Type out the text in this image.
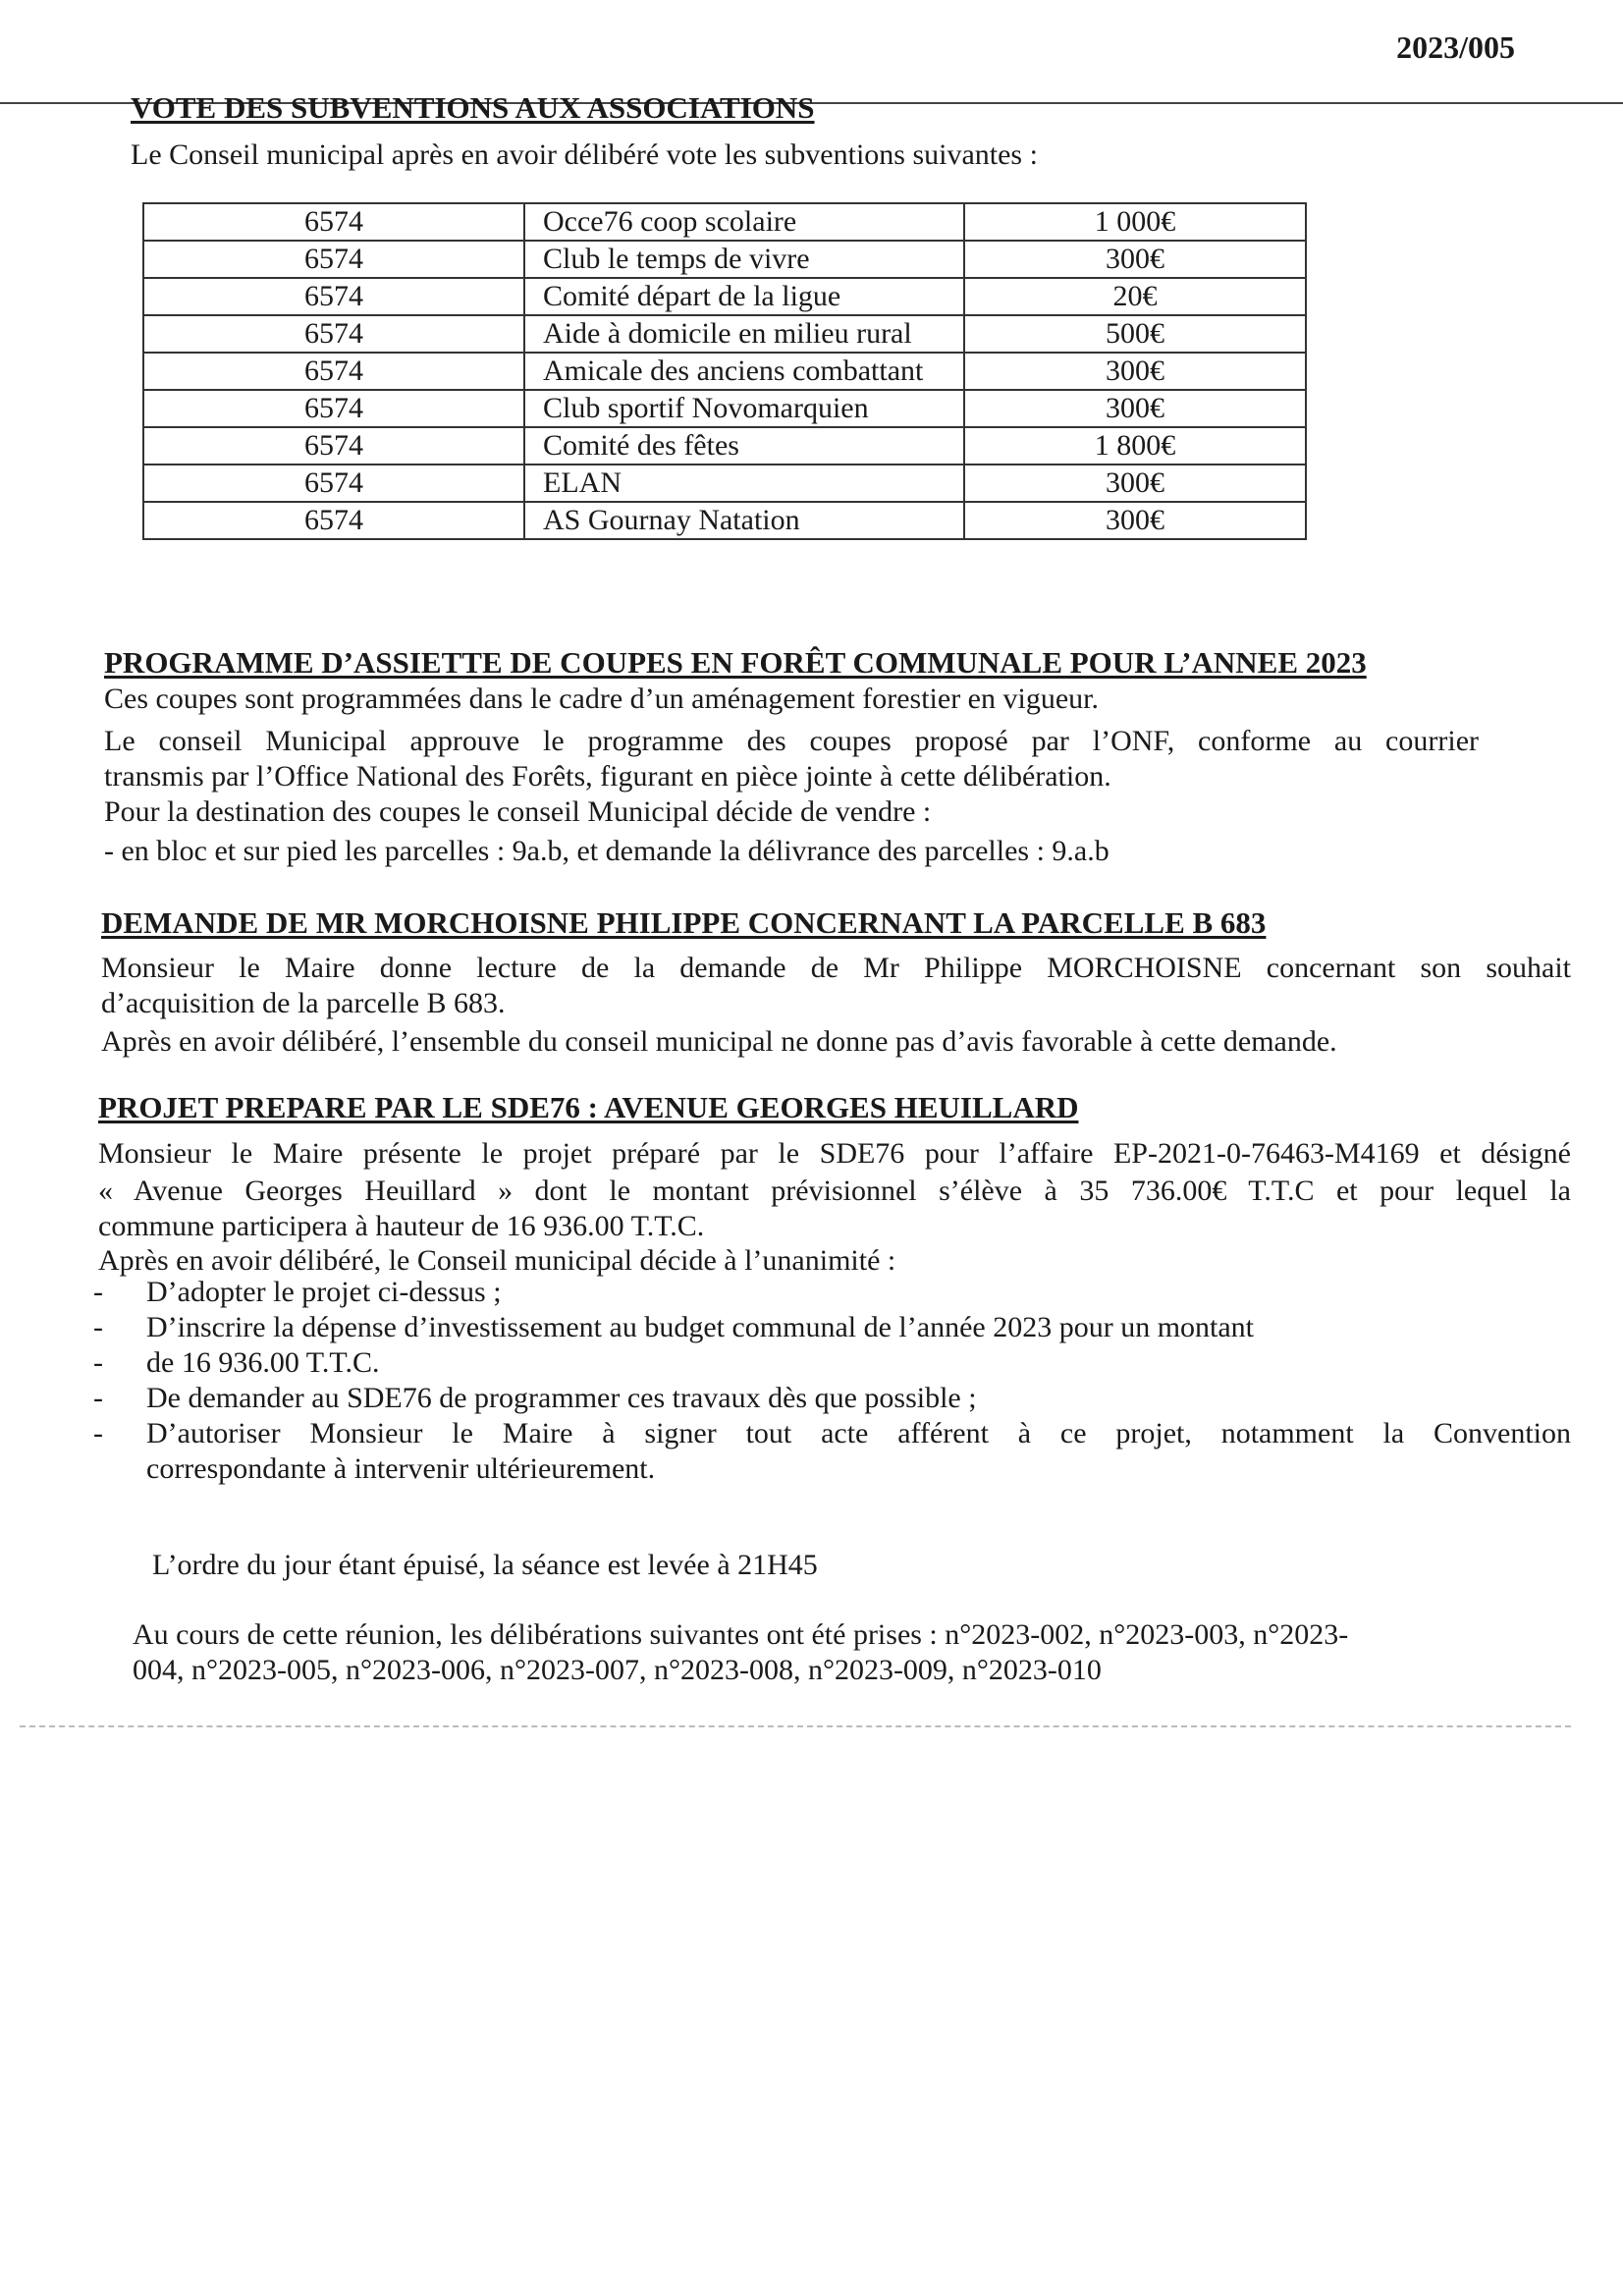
2023/005
VOTE DES SUBVENTIONS AUX ASSOCIATIONS
Le Conseil municipal après en avoir délibéré vote les subventions suivantes :
6574	Occe76 coop scolaire	1 000€
6574	Club le temps de vivre	300€
6574	Comité départ de la ligue	20€
6574	Aide à domicile en milieu rural	500€
6574	Amicale des anciens combattant	300€
6574	Club sportif Novomarquien	300€
6574	Comité des fêtes	1 800€
6574	ELAN	300€
6574	AS Gournay Natation	300€
PROGRAMME D’ASSIETTE DE COUPES EN FORÊT COMMUNALE POUR L’ANNEE 2023
Ces coupes sont programmées dans le cadre d’un aménagement forestier en vigueur.
Le conseil Municipal approuve le programme des coupes proposé par l’ONF, conforme au courrier
transmis par l’Office National des Forêts, figurant en pièce jointe à cette délibération.
Pour la destination des coupes le conseil Municipal décide de vendre :
- en bloc et sur pied les parcelles : 9a.b, et demande la délivrance des parcelles : 9.a.b
DEMANDE DE MR MORCHOISNE PHILIPPE CONCERNANT LA PARCELLE B 683
Monsieur le Maire donne lecture de la demande de Mr Philippe MORCHOISNE concernant son souhait
d’acquisition de la parcelle B 683.
Après en avoir délibéré, l’ensemble du conseil municipal ne donne pas d’avis favorable à cette demande.
PROJET PREPARE PAR LE SDE76 : AVENUE GEORGES HEUILLARD
Monsieur le Maire présente le projet préparé par le SDE76 pour l’affaire EP-2021-0-76463-M4169 et désigné
« Avenue Georges Heuillard » dont le montant prévisionnel s’élève à 35 736.00€ T.T.C et pour lequel la
commune participera à hauteur de 16 936.00 T.T.C.
Après en avoir délibéré, le Conseil municipal décide à l’unanimité :
- D’adopter le projet ci-dessus ;
- D’inscrire la dépense d’investissement au budget communal de l’année 2023 pour un montant
- de 16 936.00 T.T.C.
- De demander au SDE76 de programmer ces travaux dès que possible ;
- D’autoriser Monsieur le Maire à signer tout acte afférent à ce projet, notamment la Convention
correspondante à intervenir ultérieurement.
L’ordre du jour étant épuisé, la séance est levée à 21H45
Au cours de cette réunion, les délibérations suivantes ont été prises : n°2023-002, n°2023-003, n°2023-
004, n°2023-005, n°2023-006, n°2023-007, n°2023-008, n°2023-009, n°2023-010
